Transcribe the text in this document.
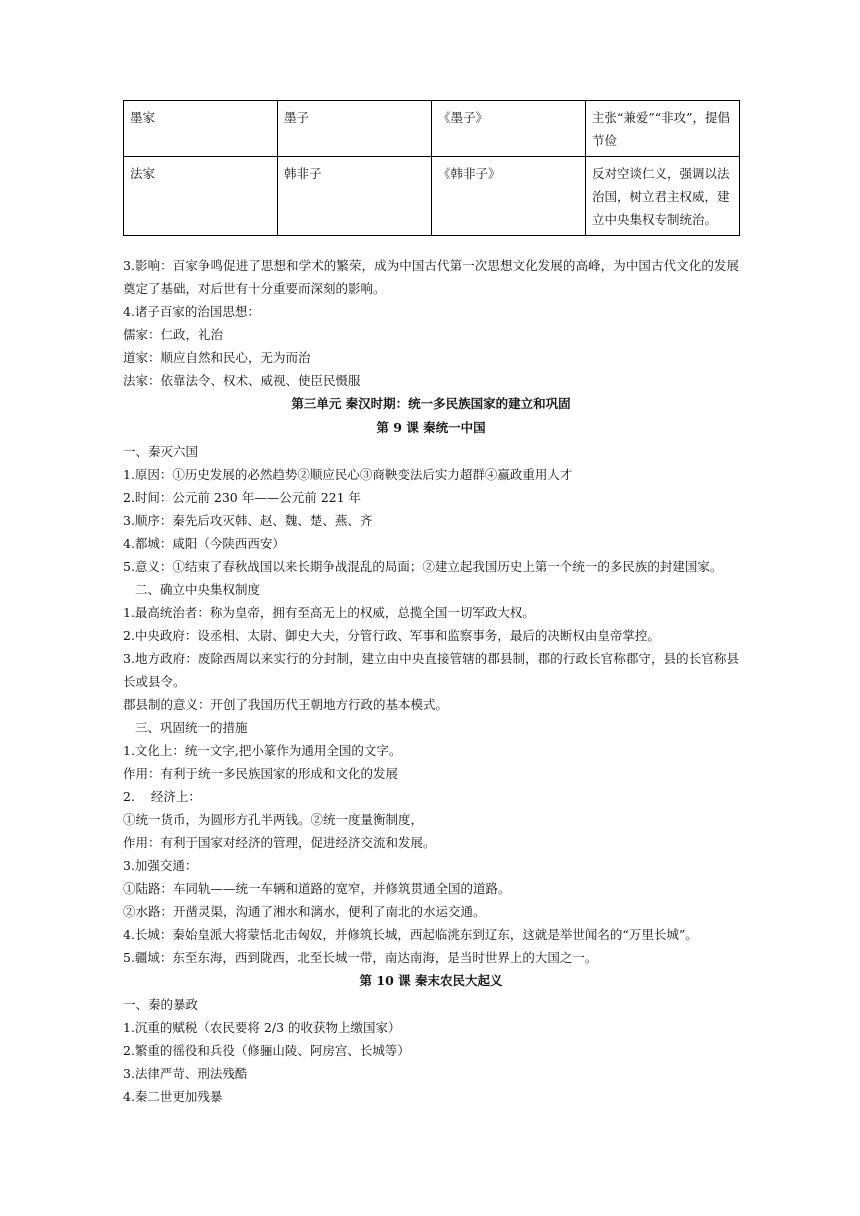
墨家	墨子	《墨子》	主张“兼爱”“非攻”，提倡节俭
法家	韩非子	《韩非子》	反对空谈仁义，强调以法治国，树立君主权威，建立中央集权专制统治。

3.影响：百家争鸣促进了思想和学术的繁荣，成为中国古代第一次思想文化发展的高峰，为中国古代文化的发展奠定了基础，对后世有十分重要而深刻的影响。

4.诸子百家的治国思想：

儒家：仁政，礼治

道家：顺应自然和民心，无为而治

法家：依靠法令、权术、威视、使臣民慑服

第三单元 秦汉时期：统一多民族国家的建立和巩固

第 9 课 秦统一中国

一、秦灭六国

1.原因：①历史发展的必然趋势②顺应民心③商鞅变法后实力超群④嬴政重用人才

2.时间：公元前 230 年——公元前 221 年

3.顺序：秦先后攻灭韩、赵、魏、楚、燕、齐

4.都城：咸阳（今陕西西安）

5.意义：①结束了春秋战国以来长期争战混乱的局面；②建立起我国历史上第一个统一的多民族的封建国家。

二、确立中央集权制度

1.最高统治者：称为皇帝，拥有至高无上的权威，总揽全国一切军政大权。

2.中央政府：设丞相、太尉、御史大夫，分管行政、军事和监察事务，最后的决断权由皇帝掌控。

3.地方政府：废除西周以来实行的分封制，建立由中央直接管辖的郡县制，郡的行政长官称郡守，县的长官称县长或县令。

郡县制的意义：开创了我国历代王朝地方行政的基本模式。

三、巩固统一的措施

1.文化上：统一文字,把小篆作为通用全国的文字。

作用：有利于统一多民族国家的形成和文化的发展

2.    经济上：

①统一货币，为圆形方孔半两钱。②统一度量衡制度，

作用：有利于国家对经济的管理，促进经济交流和发展。

3.加强交通：

①陆路：车同轨——统一车辆和道路的宽窄，并修筑贯通全国的道路。

②水路：开凿灵渠，沟通了湘水和漓水，便利了南北的水运交通。

4.长城：秦始皇派大将蒙恬北击匈奴，并修筑长城，西起临洮东到辽东，这就是举世闻名的“万里长城”。

5.疆域：东至东海，西到陇西，北至长城一带，南达南海，是当时世界上的大国之一。

第 10 课 秦末农民大起义

一、秦的暴政

1.沉重的赋税（农民要将 2/3 的收获物上缴国家）

2.繁重的徭役和兵役（修骊山陵、阿房宫、长城等）

3.法律严苛、刑法残酷

4.秦二世更加残暴
